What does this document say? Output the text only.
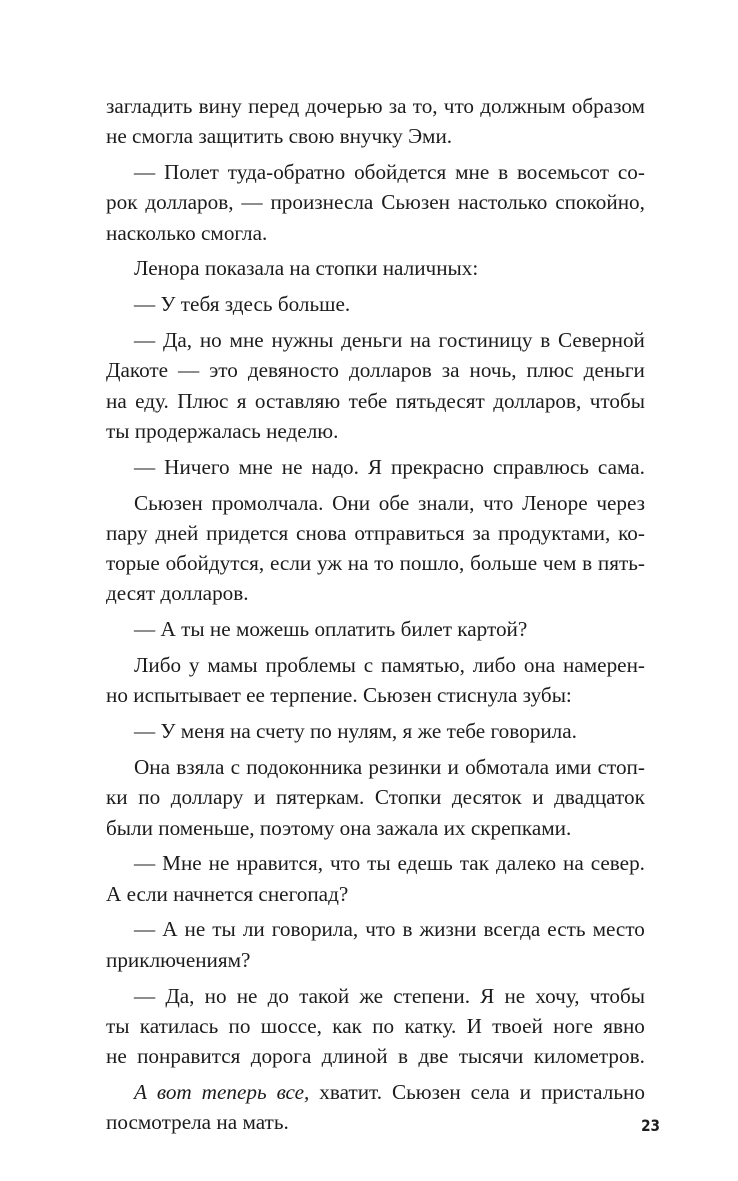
загладить вину перед дочерью за то, что должным образом
не
смогла
защитить
свою
внучку
Эми.
— Полет туда-обратно обойдется мне в восемьсот со-
рок долларов, — произнесла Сьюзен настолько спокойно,
насколько
смогла.
Ленора
показала
на
стопки
наличных:
—
У
тебя
здесь
больше.
— Да, но мне нужны деньги на гостиницу в Северной
Дакоте — это девяносто долларов за ночь, плюс деньги
на еду. Плюс я оставляю тебе пятьдесят долларов, чтобы
ты
продержалась
неделю.
— Ничего мне не надо. Я прекрасно справлюсь сама.
Сьюзен промолчала. Они обе знали, что Леноре через
пару дней придется снова отправиться за продуктами, ко-
торые обойдутся, если уж на то пошло, больше чем в пять-
десят
долларов.
—
А
ты
не
можешь
оплатить
билет
картой?
Либо у мамы проблемы с памятью, либо она намерен-
но
испытывает
ее
терпение.
Сьюзен
стиснула
зубы:
—
У
меня
на
счету
по
нулям,
я
же
тебе
говорила.
Она взяла с подоконника резинки и обмотала ими стоп-
ки по доллару и пятеркам. Стопки десяток и двадцаток
были
поменьше,
поэтому
она
зажала
их
скрепками.
— Мне не нравится, что ты едешь так далеко на север.
А
если
начнется
снегопад?
— А не ты ли говорила, что в жизни всегда есть место
приключениям?
— Да, но не до такой же степени. Я не хочу, чтобы
ты катилась по шоссе, как по катку. И твоей ноге явно
не понравится дорога длиной в две тысячи километров.
А вот теперь все, хватит. Сьюзен села и пристально
посмотрела
на
мать.	23
